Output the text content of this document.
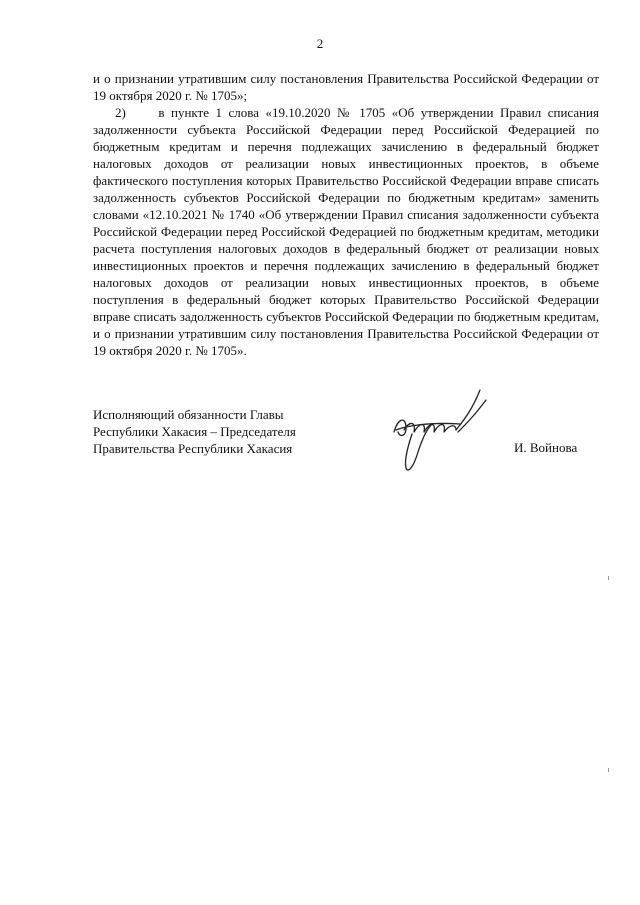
2

и о признании утратившим силу постановления Правительства Российской Федерации от 19 октября 2020 г. № 1705»;

2)     в пункте 1 слова «19.10.2020 № 1705 «Об утверждении Правил списания задолженности субъекта Российской Федерации перед Российской Федерацией по бюджетным кредитам и перечня подлежащих зачислению в федеральный бюджет налоговых доходов от реализации новых инвестиционных проектов, в объеме фактического поступления которых Правительство Российской Федерации вправе списать задолженность субъектов Российской Федерации по бюджетным кредитам» заменить словами «12.10.2021 № 1740 «Об утверждении Правил списания задолженности субъекта Российской Федерации перед Российской Федерацией по бюджетным кредитам, методики расчета поступления налоговых доходов в федеральный бюджет от реализации новых инвестиционных проектов и перечня подлежащих зачислению в федеральный бюджет налоговых доходов от реализации новых инвестиционных проектов, в объеме поступления в федеральный бюджет которых Правительство Российской Федерации вправе списать задолженность субъектов Российской Федерации по бюджетным кредитам, и о признании утратившим силу постановления Правительства Российской Федерации от 19 октября 2020 г. № 1705».

Исполняющий обязанности Главы
Республики Хакасия – Председателя
Правительства Республики Хакасия	И. Войнова
